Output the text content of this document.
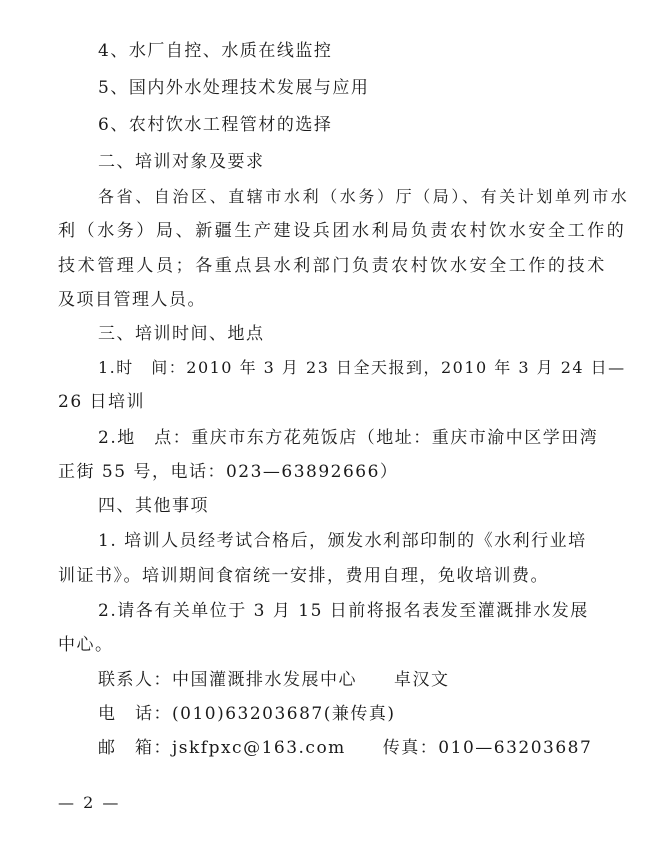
4、水厂自控、水质在线监控
5、国内外水处理技术发展与应用
6、农村饮水工程管材的选择
二、培训对象及要求
各省、自治区、直辖市水利（水务）厅（局）、有关计划单列市水
利（水务）局、新疆生产建设兵团水利局负责农村饮水安全工作的
技术管理人员；各重点县水利部门负责农村饮水安全工作的技术
及项目管理人员。
三、培训时间、地点
1.时　间：2010 年 3 月 23 日全天报到，2010 年 3 月 24 日—
26 日培训
2.地　点：重庆市东方花苑饭店（地址：重庆市渝中区学田湾
正街 55 号，电话：023—63892666）
四、其他事项
1. 培训人员经考试合格后，颁发水利部印制的《水利行业培
训证书》。培训期间食宿统一安排，费用自理，免收培训费。
2.请各有关单位于 3 月 15 日前将报名表发至灌溉排水发展
中心。
联系人：中国灌溉排水发展中心　　卓汉文
电　话：(010)63203687(兼传真)
邮　箱：jskfpxc@163.com　　传真：010—63203687
— 2 —
